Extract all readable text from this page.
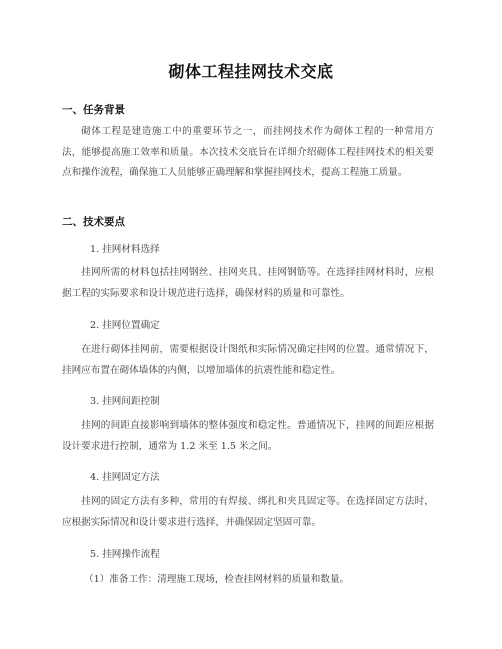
砌体工程挂网技术交底
一、任务背景
砌体工程是建造施工中的重要环节之一，而挂网技术作为砌体工程的一种常用方法，能够提高施工效率和质量。本次技术交底旨在详细介绍砌体工程挂网技术的相关要点和操作流程，确保施工人员能够正确理解和掌握挂网技术，提高工程施工质量。
二、技术要点
1. 挂网材料选择
挂网所需的材料包括挂网钢丝、挂网夹具、挂网钢筋等。在选择挂网材料时，应根据工程的实际要求和设计规范进行选择，确保材料的质量和可靠性。
2. 挂网位置确定
在进行砌体挂网前，需要根据设计图纸和实际情况确定挂网的位置。通常情况下，挂网应布置在砌体墙体的内侧，以增加墙体的抗震性能和稳定性。
3. 挂网间距控制
挂网的间距直接影响到墙体的整体强度和稳定性。普通情况下，挂网的间距应根据设计要求进行控制，通常为 1.2 米至 1.5 米之间。
4. 挂网固定方法
挂网的固定方法有多种，常用的有焊接、绑扎和夹具固定等。在选择固定方法时，应根据实际情况和设计要求进行选择，并确保固定坚固可靠。
5. 挂网操作流程
（1）准备工作：清理施工现场，检查挂网材料的质量和数量。
